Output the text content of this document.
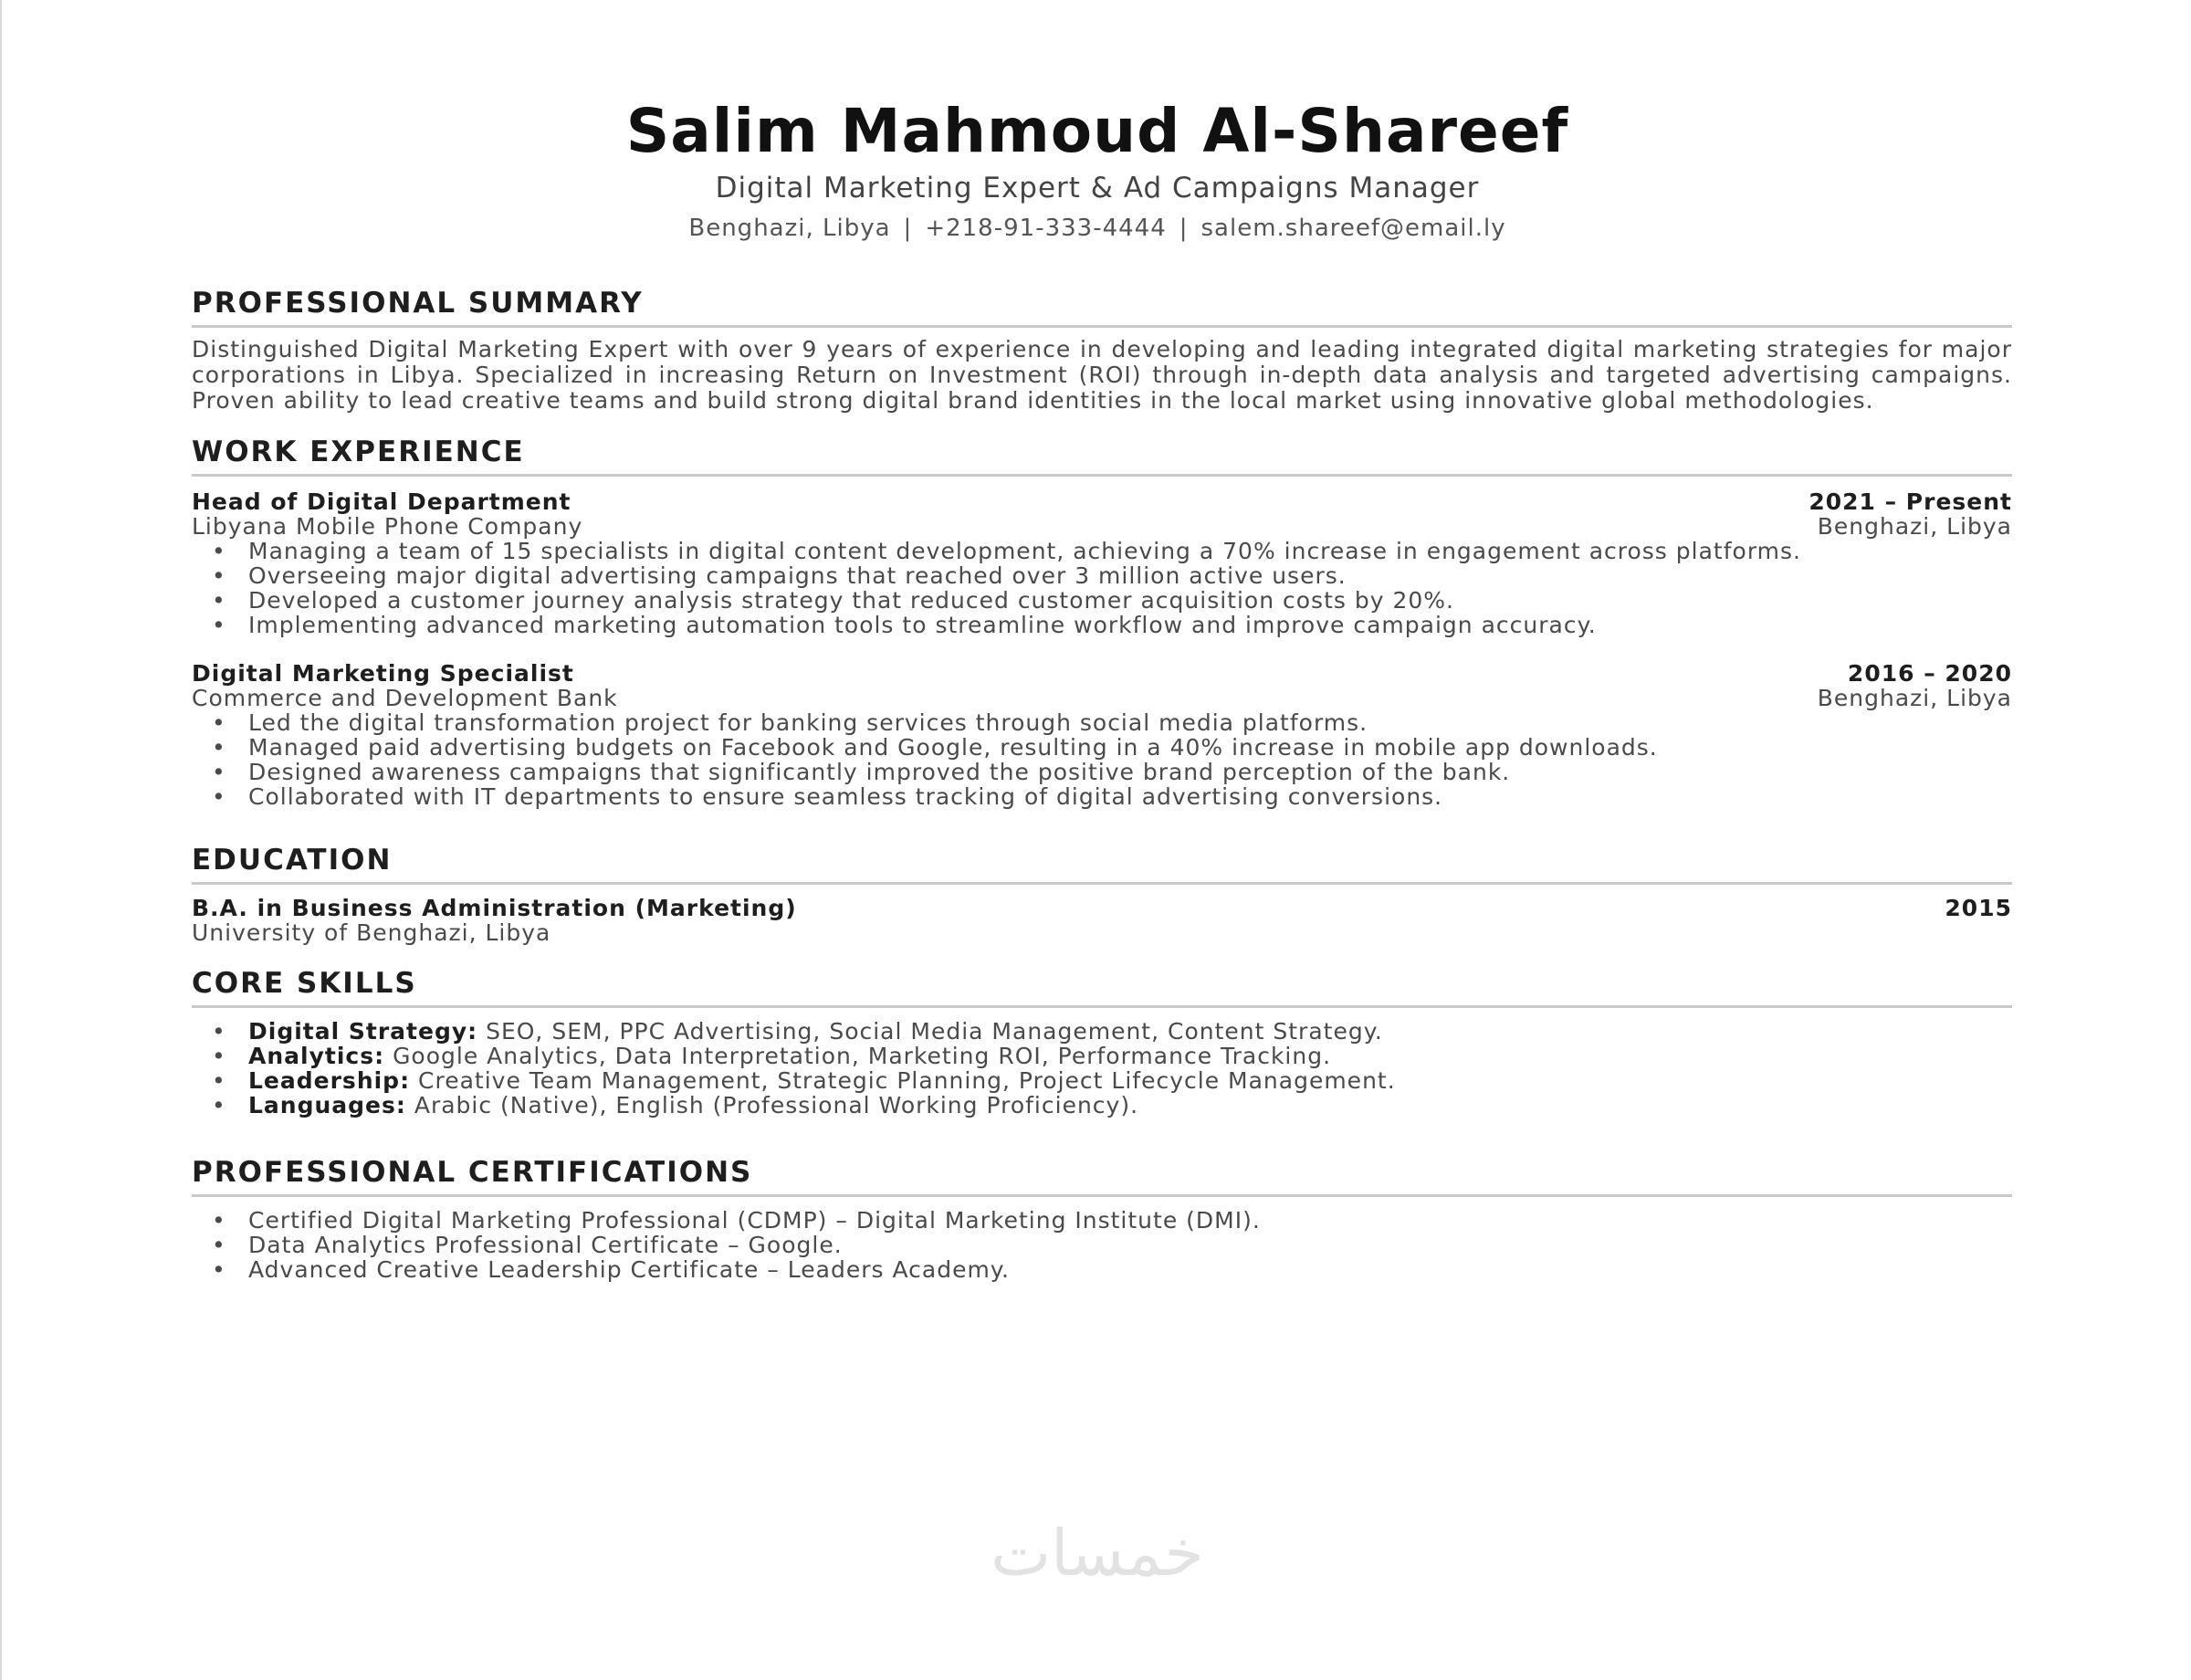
Salim Mahmoud Al-Shareef
Digital Marketing Expert & Ad Campaigns Manager
Benghazi, Libya | +218-91-333-4444 | salem.shareef@email.ly
PROFESSIONAL SUMMARY

Distinguished Digital Marketing Expert with over 9 years of experience in developing and leading integrated digital marketing strategies for major corporations in Libya. Specialized in increasing Return on Investment (ROI) through in-depth data analysis and targeted advertising campaigns. Proven ability to lead creative teams and build strong digital brand identities in the local market using innovative global methodologies.

WORK EXPERIENCE
Head of Digital Department	2021 – Present
Libyana Mobile Phone Company	Benghazi, Libya
• Managing a team of 15 specialists in digital content development, achieving a 70% increase in engagement across platforms.
• Overseeing major digital advertising campaigns that reached over 3 million active users.
• Developed a customer journey analysis strategy that reduced customer acquisition costs by 20%.
• Implementing advanced marketing automation tools to streamline workflow and improve campaign accuracy.
Digital Marketing Specialist	2016 – 2020
Commerce and Development Bank	Benghazi, Libya
• Led the digital transformation project for banking services through social media platforms.
• Managed paid advertising budgets on Facebook and Google, resulting in a 40% increase in mobile app downloads.
• Designed awareness campaigns that significantly improved the positive brand perception of the bank.
• Collaborated with IT departments to ensure seamless tracking of digital advertising conversions.
EDUCATION
B.A. in Business Administration (Marketing)	2015
University of Benghazi, Libya
CORE SKILLS
• Digital Strategy: SEO, SEM, PPC Advertising, Social Media Management, Content Strategy.
• Analytics: Google Analytics, Data Interpretation, Marketing ROI, Performance Tracking.
• Leadership: Creative Team Management, Strategic Planning, Project Lifecycle Management.
• Languages: Arabic (Native), English (Professional Working Proficiency).
PROFESSIONAL CERTIFICATIONS
• Certified Digital Marketing Professional (CDMP) – Digital Marketing Institute (DMI).
• Data Analytics Professional Certificate – Google.
• Advanced Creative Leadership Certificate – Leaders Academy.
خمسات
